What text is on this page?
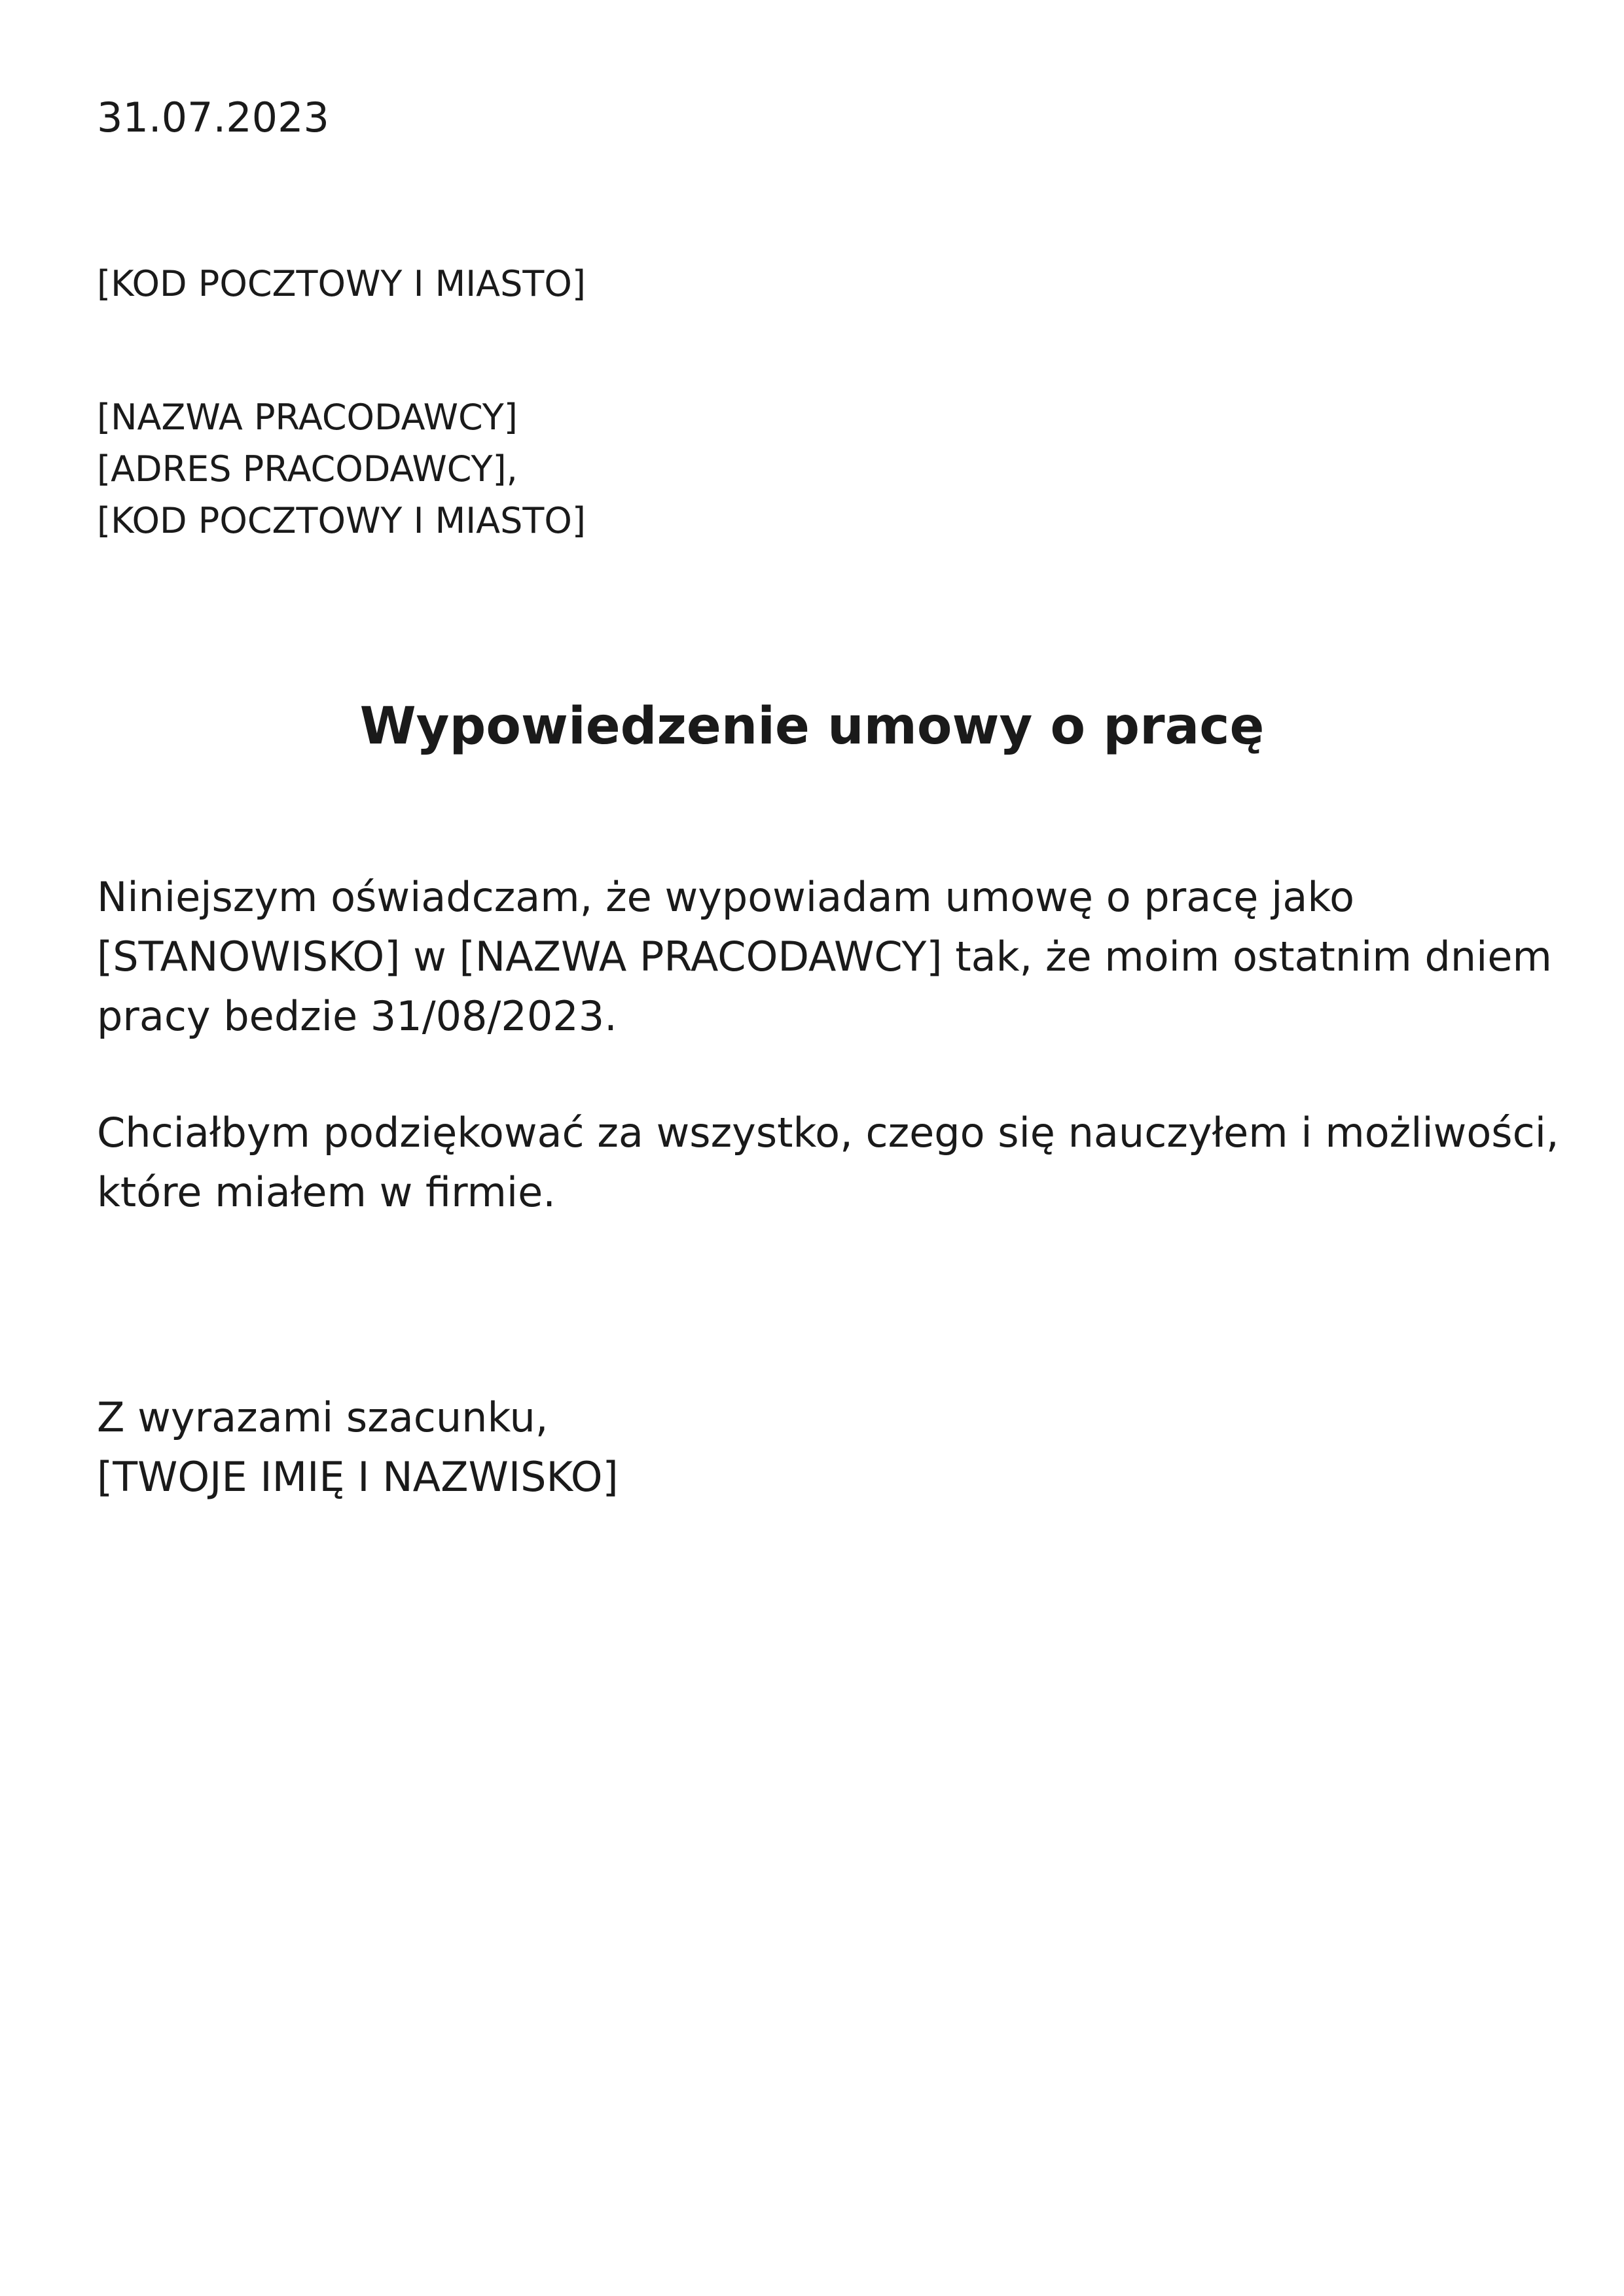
31.07.2023

[KOD POCZTOWY I MIASTO]

[NAZWA PRACODAWCY]
[ADRES PRACODAWCY],
[KOD POCZTOWY I MIASTO]
Wypowiedzenie umowy o pracę
Niniejszym oświadczam, że wypowiadam umowę o pracę jako
[STANOWISKO] w [NAZWA PRACODAWCY] tak, że moim ostatnim dniem
pracy bedzie 31/08/2023.
Chciałbym podziękować za wszystko, czego się nauczyłem i możliwości,
które miałem w firmie.
Z wyrazami szacunku,
[TWOJE IMIĘ I NAZWISKO]
